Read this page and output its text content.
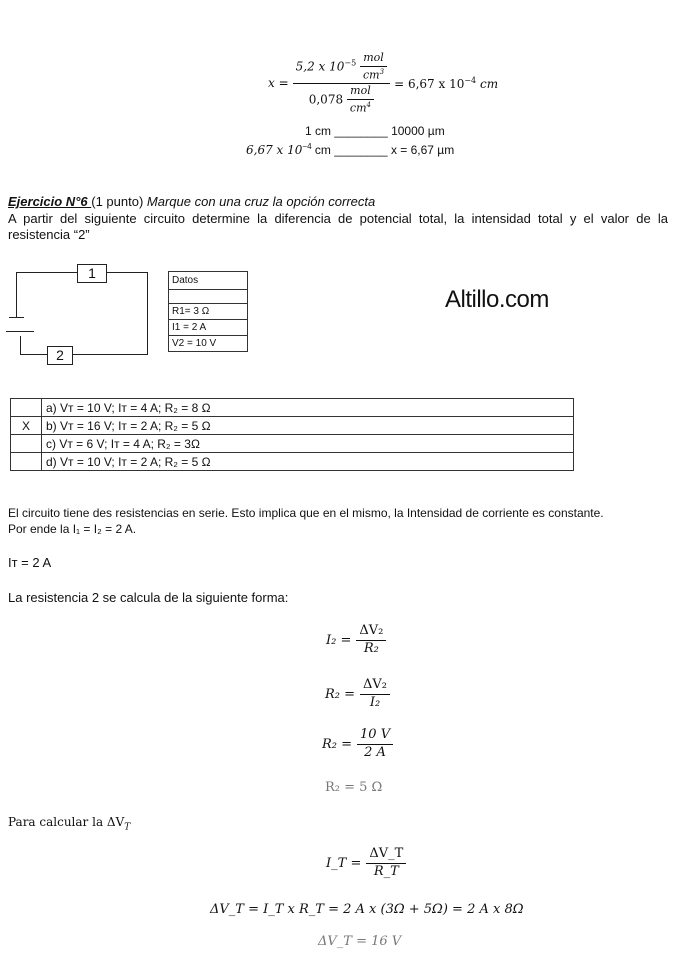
$x = \frac{5,2 x 10^{-5} \frac{\text{mol}}{cm^3}}{0,078 \frac{\text{mol}}{cm^4}} = 6,67$ x $10^{-4}$ cm
1 cm ________ 10000 µm
6,67 x $10^{-4}$ cm ________ x = 6,67 µm
Ejercicio N°6 (1 punto) Marque con una cruz la opción correcta
A partir del siguiente circuito determine la diferencia de potencial total, la intensidad total y el valor de la resistencia “2”
1
2
Datos

R1= 3 Ω
I1 = 2 A
V2 = 10 V
Altillo.com
	a) Vᴛ = 10 V; Iᴛ = 4 A; R₂ = 8 Ω
X	b) Vᴛ = 16 V; Iᴛ = 2 A; R₂ = 5 Ω
	c) Vᴛ = 6 V; Iᴛ = 4 A; R₂ = 3Ω
	d) Vᴛ = 10 V; Iᴛ = 2 A; R₂ = 5 Ω
El circuito tiene des resistencias en serie. Esto implica que en el mismo, la Intensidad de corriente es constante.
Por ende la I₁ = I₂ = 2 A.
Iᴛ = 2 A
La resistencia 2 se calcula de la siguiente forma:
$I_2 = \frac{\text{ΔV₂}}{\text{R₂}}$
$R_2 = \frac{\text{ΔV₂}}{\text{I₂}}$
$R_2 = \frac{10 V}{2 A}$
R₂ = 5 Ω
Para calcular la $\Delta V_T$
I_T = $\frac{\Delta V\_T}{R\_T}$
ΔV_T = I_T x R_T = 2 A x (3Ω + 5Ω) = 2 A x 8Ω
ΔV_T = 16 V
